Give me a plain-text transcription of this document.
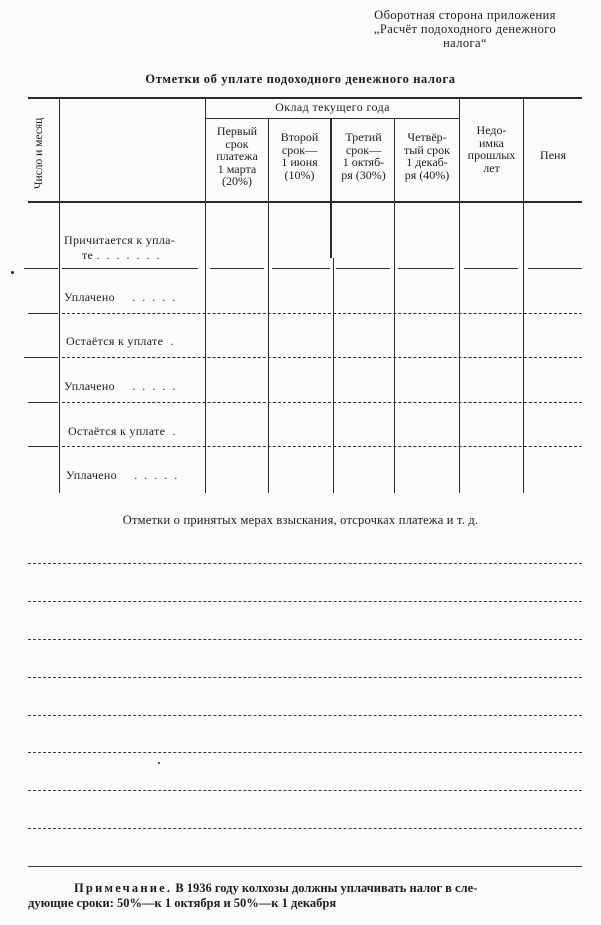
Оборотная сторона приложения
„Расчёт подоходного денежного
налога“
Отметки об уплате подоходного денежного налога
Число и месяц
Оклад текущего года
Первый
срок
платежа
1 марта
(20%)
Второй
срок—
1 июня
(10%)
Третий
срок—
1 октяб-
ря (30%)
Четвёр-
тый срок
1 декаб-
ря (40%)
Недо-
имка
прошлых
лет
Пеня
Причитается к упла-
те . . . . . . .
Уплачено . . . . .
Остаётся к уплате .
Уплачено . . . . .
Остаётся к уплате .
Уплачено . . . . .
Отметки о принятых мерах взыскания, отсрочках платежа и т. д.
Примечание. В 1936 году колхозы должны уплачивать налог в сле-
дующие сроки: 50%—к 1 октября и 50%—к 1 декабря
